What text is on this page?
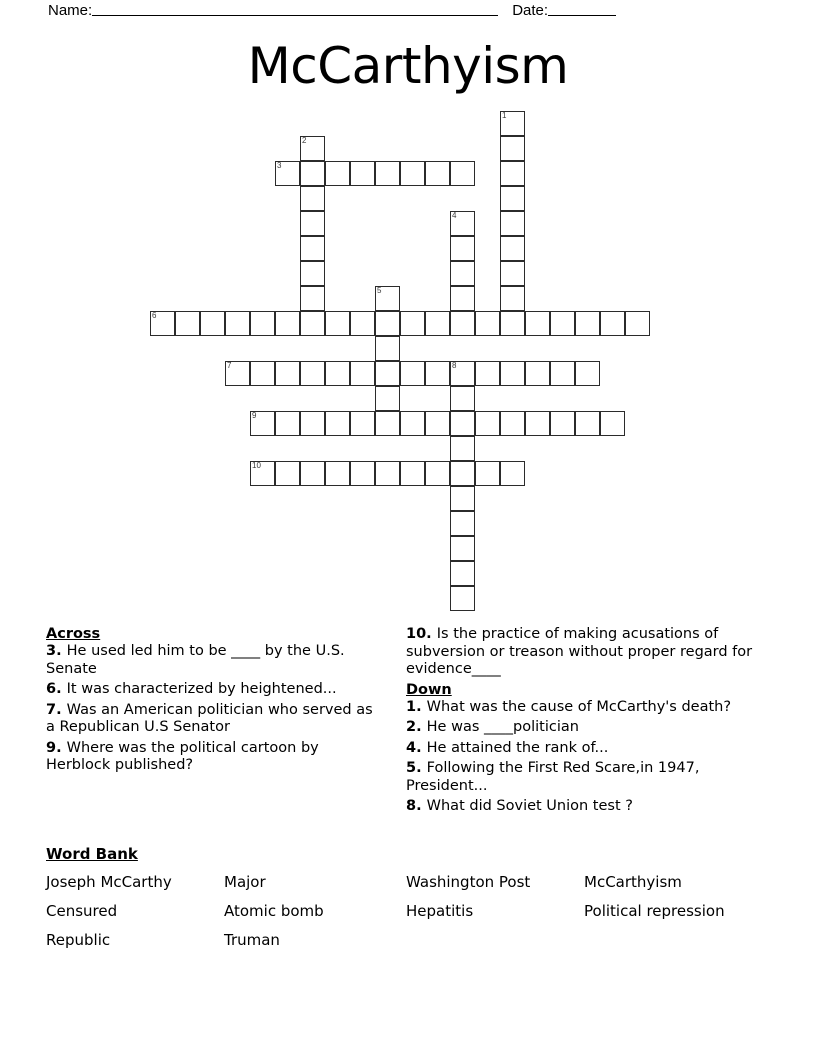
Name:	Date:
McCarthyism
1
2
3
4
5
6
7	8
9
10
Across
3. He used led him to be ____ by the U.S. Senate
6. It was characterized by heightened...
7. Was an American politician who served as a Republican U.S Senator
9. Where was the political cartoon by Herblock published?
10. Is the practice of making acusations of subversion or treason without proper regard for evidence____
Down
1. What was the cause of McCarthy's death?
2. He was ____politician
4. He attained the rank of...
5. Following the First Red Scare,in 1947, President...
8. What did Soviet Union test ?
Word Bank
Joseph McCarthy	Major	Washington Post	McCarthyism
Censured	Atomic bomb	Hepatitis	Political repression
Republic	Truman
